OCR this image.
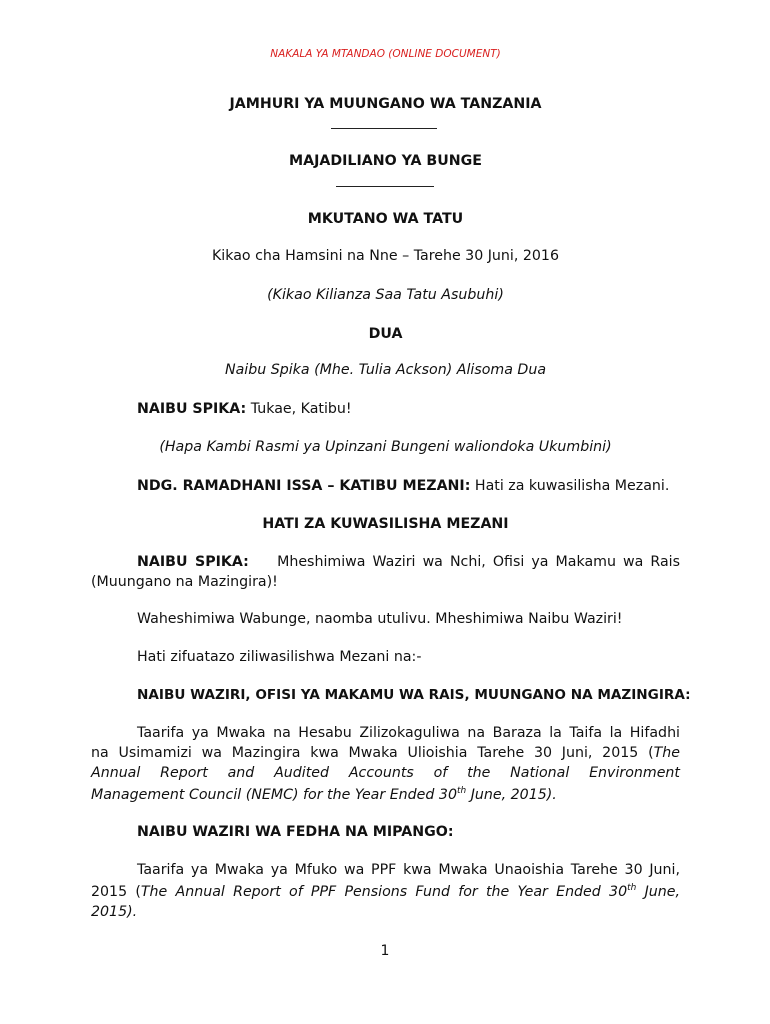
NAKALA YA MTANDAO (ONLINE DOCUMENT)
JAMHURI YA MUUNGANO WA TANZANIA
MAJADILIANO YA BUNGE
MKUTANO WA TATU
Kikao cha Hamsini na Nne – Tarehe 30 Juni, 2016
(Kikao Kilianza Saa Tatu Asubuhi)
DUA
Naibu Spika (Mhe. Tulia Ackson) Alisoma Dua
NAIBU SPIKA: Tukae, Katibu!
(Hapa Kambi Rasmi ya Upinzani Bungeni waliondoka Ukumbini)
NDG. RAMADHANI ISSA – KATIBU MEZANI: Hati za kuwasilisha Mezani.
HATI ZA KUWASILISHA MEZANI
NAIBU SPIKA: Mheshimiwa Waziri wa Nchi, Ofisi ya Makamu wa Rais
(Muungano na Mazingira)!
Waheshimiwa Wabunge, naomba utulivu. Mheshimiwa Naibu Waziri!
Hati zifuatazo ziliwasilishwa Mezani na:-
NAIBU WAZIRI, OFISI YA MAKAMU WA RAIS, MUUNGANO NA MAZINGIRA:
Taarifa ya Mwaka na Hesabu Zilizokaguliwa na Baraza la Taifa la Hifadhi
na Usimamizi wa Mazingira kwa Mwaka Ulioishia Tarehe 30 Juni, 2015 (The
Annual Report and Audited Accounts of the National Environment
Management Council (NEMC) for the Year Ended 30th June, 2015).
NAIBU WAZIRI WA FEDHA NA MIPANGO:
Taarifa ya Mwaka ya Mfuko wa PPF kwa Mwaka Unaoishia Tarehe 30 Juni,
2015 (The Annual Report of PPF Pensions Fund for the Year Ended 30th June,
2015).
1
